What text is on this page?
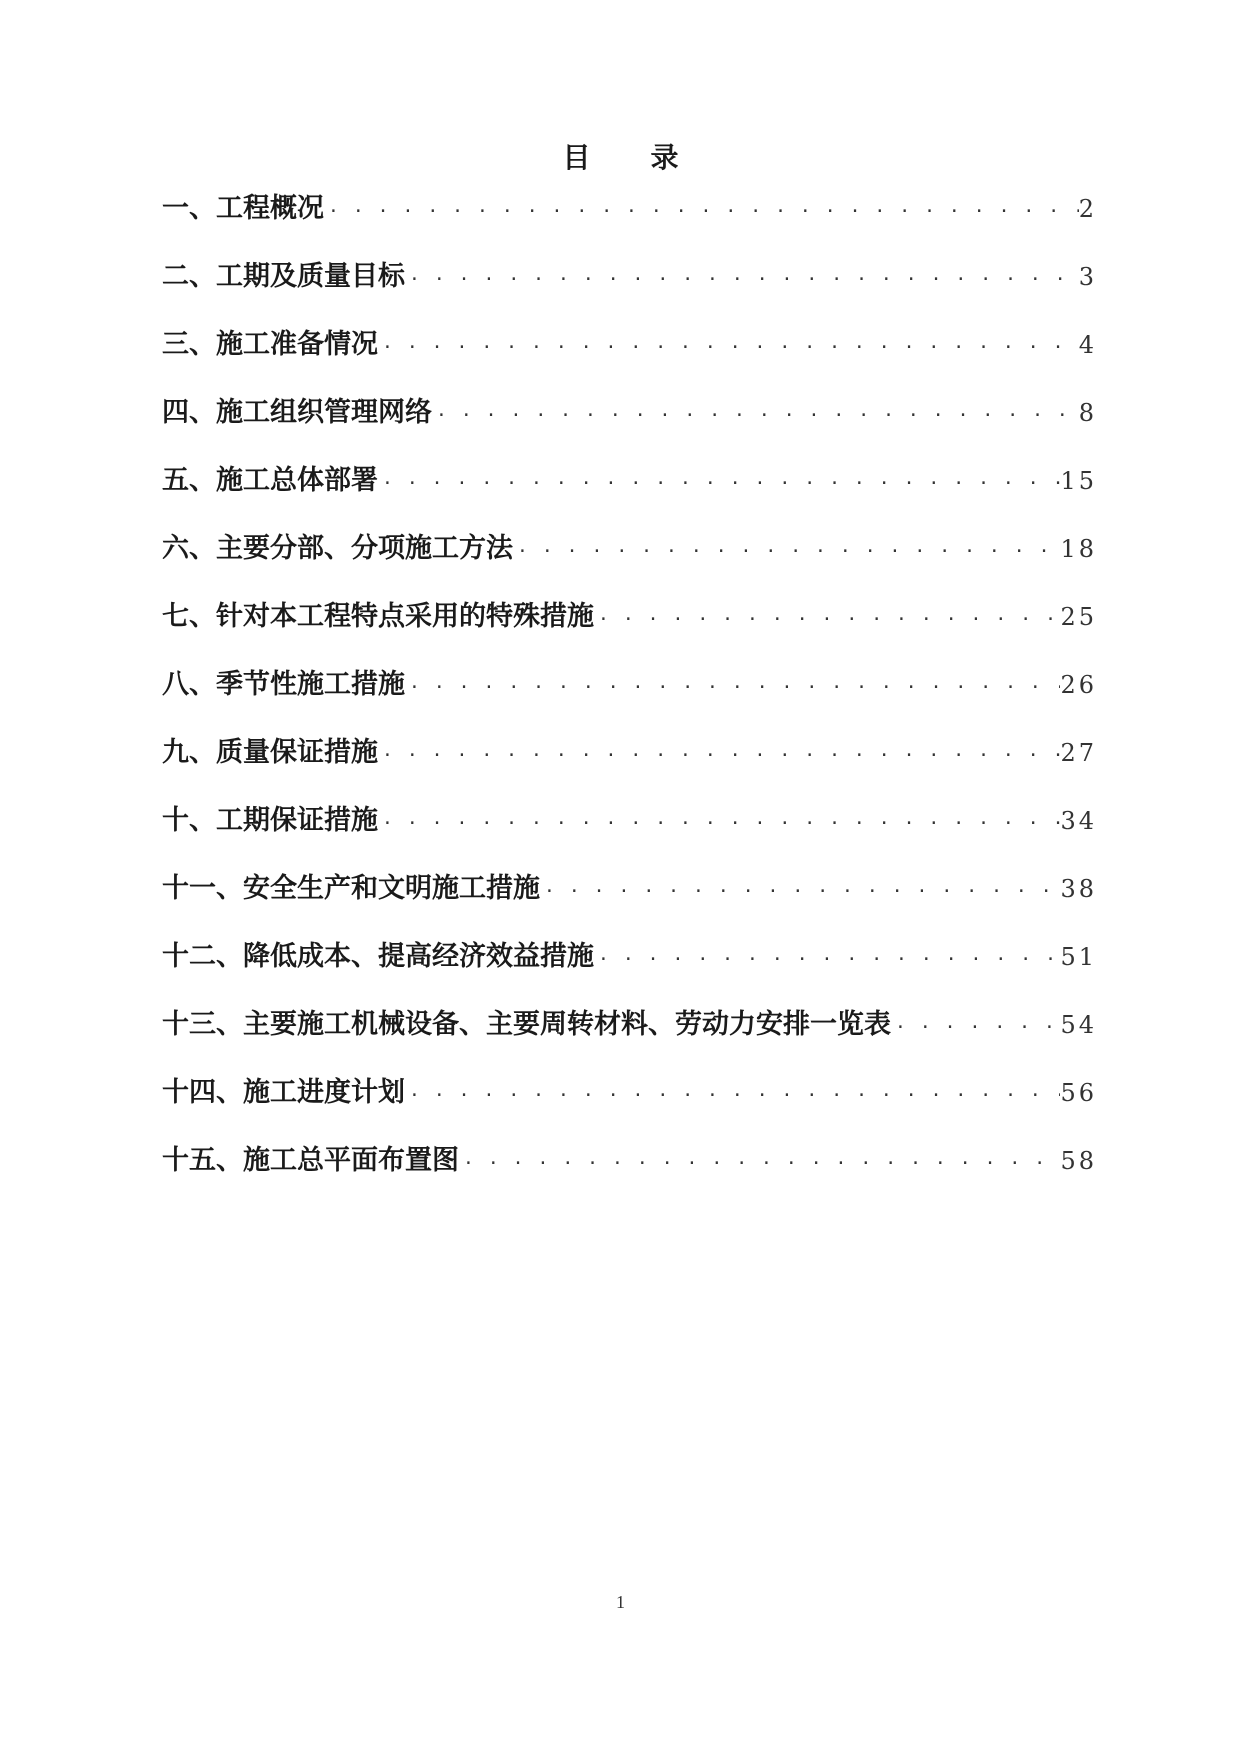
目 录
一、工程概况 ·····	2
二、工期及质量目标 ·····	3
三、施工准备情况 ·····	4
四、施工组织管理网络 ·····	8
五、施工总体部署 ·····	15
六、主要分部、分项施工方法 ·····	18
七、针对本工程特点采用的特殊措施 ·····	25
八、季节性施工措施 ·····	26
九、质量保证措施 ·····	27
十、工期保证措施 ·····	34
十一、安全生产和文明施工措施 ·····	38
十二、降低成本、提高经济效益措施 ·····	51
十三、主要施工机械设备、主要周转材料、劳动力安排一览表 ·····	54
十四、施工进度计划 ·····	56
十五、施工总平面布置图 ·····	58
1
